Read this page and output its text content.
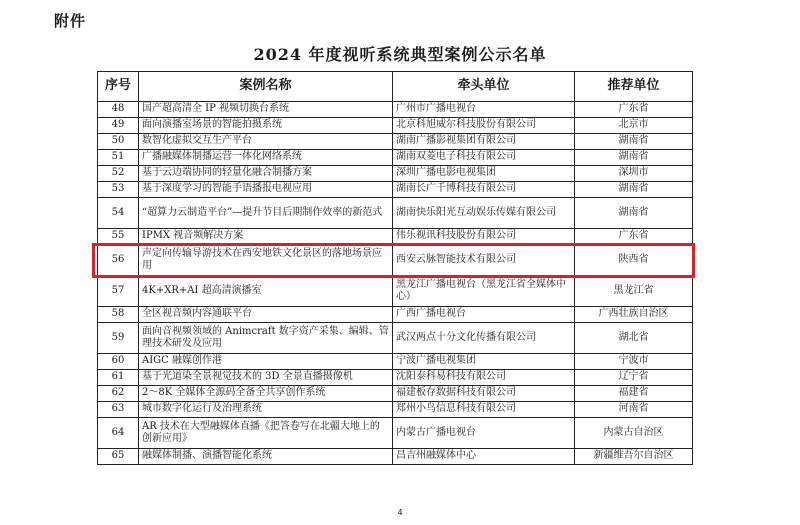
附件
2024 年度视听系统典型案例公示名单
序号	案例名称	牵头单位	推荐单位
48	国产超高清全 IP 视频切换台系统	广州市广播电视台	广东省
49	面向演播室场景的智能拍摄系统	北京科旭威尔科技股份有限公司	北京市
50	数智化虚拟交互生产平台	湖南广播影视集团有限公司	湖南省
51	广播融媒体制播运营一体化网络系统	湖南双菱电子科技有限公司	湖南省
52	基于云边端协同的轻量化融合制播方案	深圳广播电影电视集团	深圳市
53	基于深度学习的智能手语播报电视应用	湖南长广千博科技有限公司	湖南省
54	“超算力云制造平台”—提升节目后期制作效率的新范式	湖南快乐阳光互动娱乐传媒有限公司	湖南省
55	IPMX 视音频解决方案	伟乐视讯科技股份有限公司	广东省
56	声定向传输导游技术在西安地铁文化景区的落地场景应用	西安云脉智能技术有限公司	陕西省
57	4K+XR+AI 超高清演播室	黑龙江广播电视台（黑龙江省全媒体中心）	黑龙江省
58	全区视音频内容通联平台	广西广播电视台	广西壮族自治区
59	面向音视频领域的 Animcraft 数字资产采集、编辑、管理技术研发及应用	武汉两点十分文化传播有限公司	湖北省
60	AIGC 融媒创作港	宁波广播电视集团	宁波市
61	基于光道染全景视觉技术的 3D 全景直播摄像机	沈阳泰科易科技有限公司	辽宁省
62	2～8K 全媒体全源码全备全共享创作系统	福建板存数据科技有限公司	福建省
63	城市数字化运行及治理系统	郑州小鸟信息科技有限公司	河南省
64	AR 技术在大型融媒体直播《把答卷写在北疆大地上的创新应用》	内蒙古广播电视台	内蒙古自治区
65	融媒体制播、演播智能化系统	昌吉州融媒体中心	新疆维吾尔自治区
4
